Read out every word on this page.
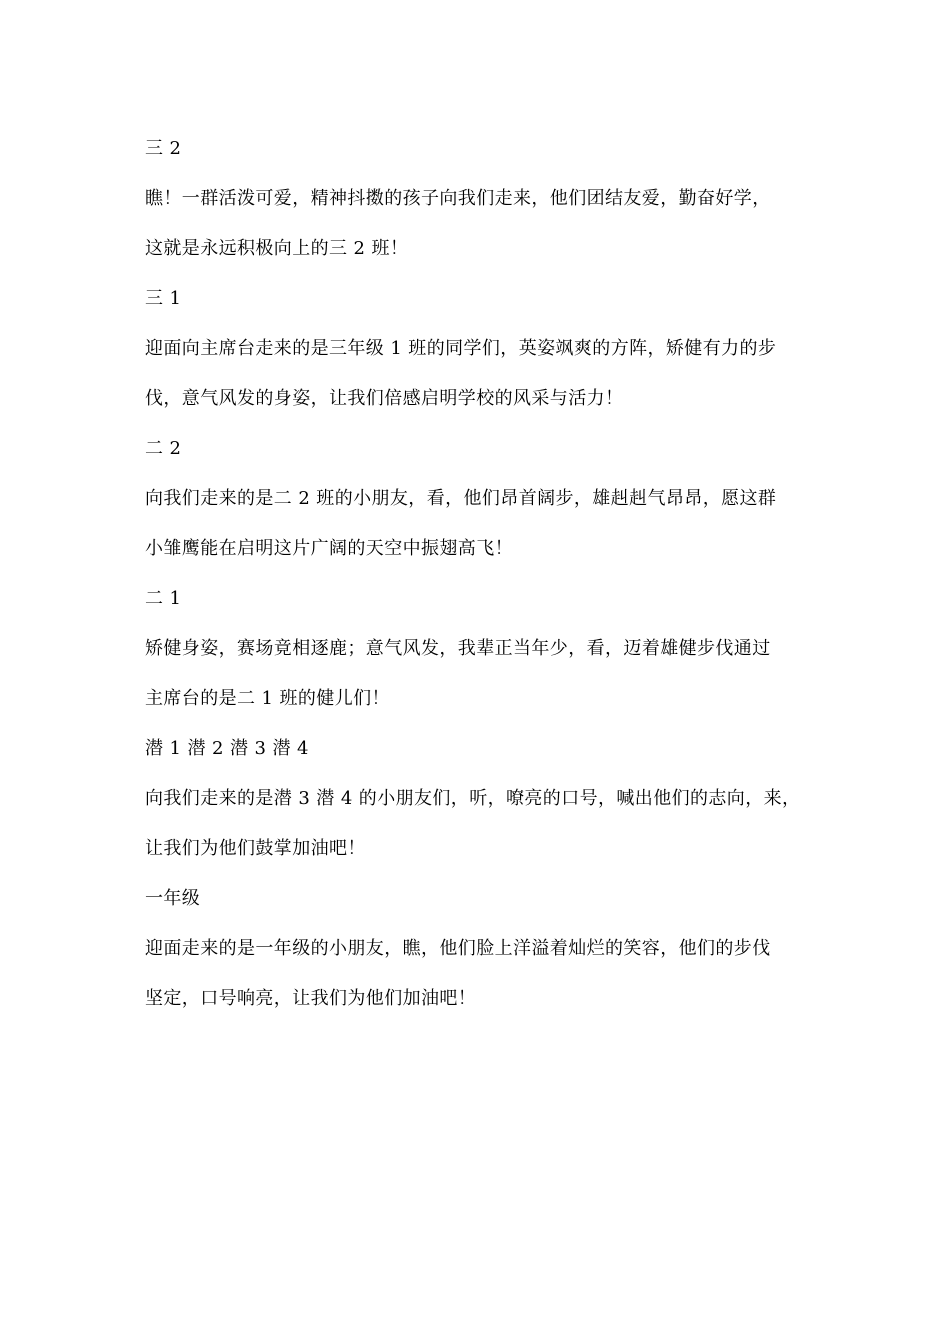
三 2
瞧！一群活泼可爱，精神抖擞的孩子向我们走来，他们团结友爱，勤奋好学，
这就是永远积极向上的三 2 班！
三 1
迎面向主席台走来的是三年级 1 班的同学们，英姿飒爽的方阵，矫健有力的步
伐，意气风发的身姿，让我们倍感启明学校的风采与活力！
二 2
向我们走来的是二 2 班的小朋友，看，他们昂首阔步，雄赳赳气昂昂，愿这群
小雏鹰能在启明这片广阔的天空中振翅高飞！
二 1
矫健身姿，赛场竟相逐鹿；意气风发，我辈正当年少，看，迈着雄健步伐通过
主席台的是二 1 班的健儿们！
潜 1 潜 2 潜 3 潜 4
向我们走来的是潜 3 潜 4 的小朋友们，听，嘹亮的口号，喊出他们的志向，来，
让我们为他们鼓掌加油吧！
一年级
迎面走来的是一年级的小朋友，瞧，他们脸上洋溢着灿烂的笑容，他们的步伐
坚定，口号响亮，让我们为他们加油吧！
